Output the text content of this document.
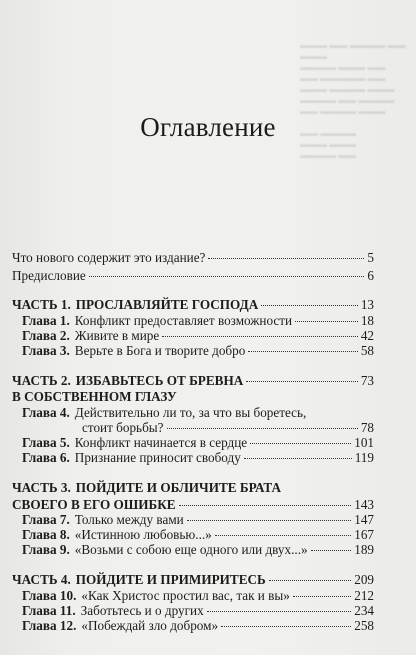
▬▬▬ ▬▬ ▬▬▬▬ ▬▬ ▬▬▬
▬▬▬▬ ▬▬▬ ▬▬
▬▬ ▬▬▬▬▬ ▬▬
▬▬▬ ▬▬▬▬ ▬▬▬
▬▬▬▬ ▬▬ ▬▬▬▬
▬▬ ▬▬▬▬ ▬▬▬

▬▬ ▬▬▬▬
▬▬▬ ▬▬▬
▬▬▬▬ ▬▬
Оглавление
Что нового содержит это издание?	5
Предисловие	6
ЧАСТЬ 1. ПРОСЛАВЛЯЙТЕ ГОСПОДА	13
Глава 1. Конфликт предоставляет возможности	18
Глава 2. Живите в мире	42
Глава 3. Верьте в Бога и творите добро	58
ЧАСТЬ 2. ИЗБАВЬТЕСЬ ОТ БРЕВНА	73
В СОБСТВЕННОМ ГЛАЗУ
Глава 4. Действительно ли то, за что вы боретесь,
стоит борьбы?	78
Глава 5. Конфликт начинается в сердце	101
Глава 6. Признание приносит свободу	119
ЧАСТЬ 3. ПОЙДИТЕ И ОБЛИЧИТЕ БРАТА
СВОЕГО В ЕГО ОШИБКЕ	143
Глава 7. Только между вами	147
Глава 8. «Истинною любовью...»	167
Глава 9. «Возьми с собою еще одного или двух...»	189
ЧАСТЬ 4. ПОЙДИТЕ И ПРИМИРИТЕСЬ	209
Глава 10. «Как Христос простил вас, так и вы»	212
Глава 11. Заботьтесь и о других	234
Глава 12. «Побеждай зло добром»	258
